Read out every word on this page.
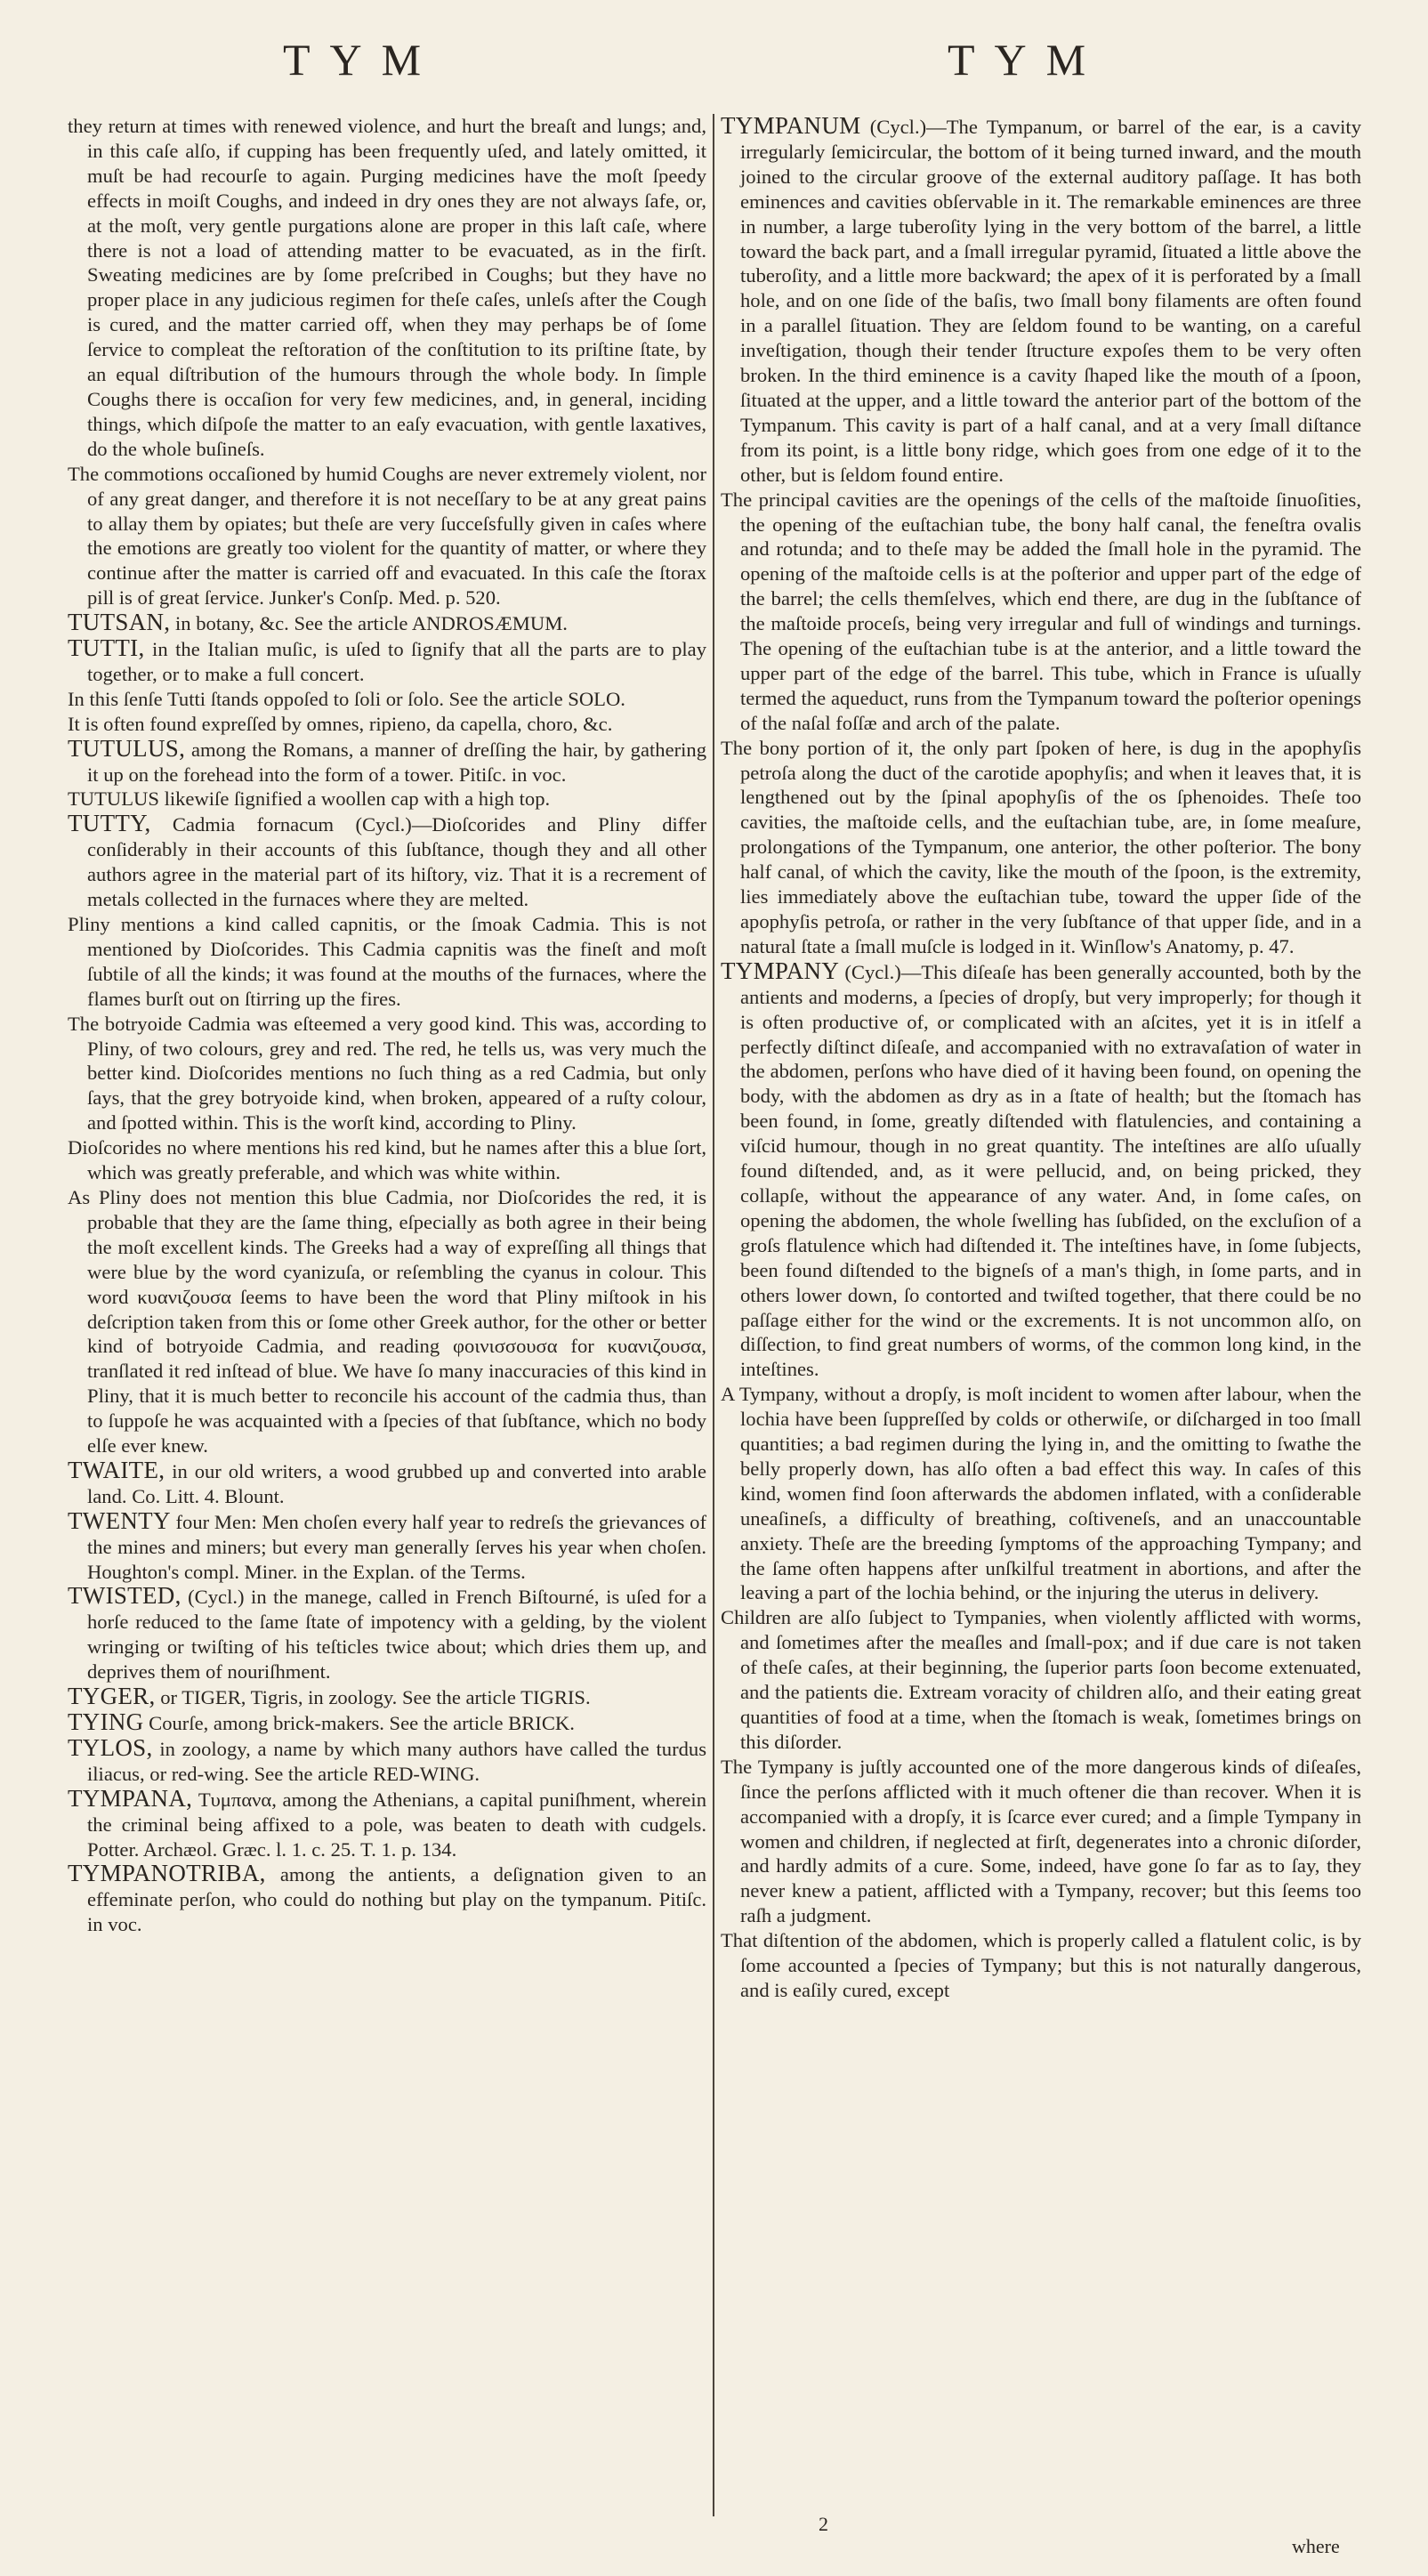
TYM	TYM

they return at times with renewed violence, and hurt the breaſt and lungs; and, in this caſe alſo, if cupping has been frequently uſed, and lately omitted, it muſt be had recourſe to again. Purging medicines have the moſt ſpeedy effects in moiſt Coughs, and indeed in dry ones they are not always ſafe, or, at the moſt, very gentle purgations alone are proper in this laſt caſe, where there is not a load of attending matter to be evacuated, as in the firſt. Sweating medicines are by ſome preſcribed in Coughs; but they have no proper place in any judicious regimen for theſe caſes, unleſs after the Cough is cured, and the matter carried off, when they may perhaps be of ſome ſervice to compleat the reſtoration of the conſtitution to its priſtine ſtate, by an equal diſtribution of the humours through the whole body. In ſimple Coughs there is occaſion for very few medicines, and, in general, inciding things, which diſpoſe the matter to an eaſy evacuation, with gentle laxatives, do the whole buſineſs.

The commotions occaſioned by humid Coughs are never extremely violent, nor of any great danger, and therefore it is not neceſſary to be at any great pains to allay them by opiates; but theſe are very ſucceſsfully given in caſes where the emotions are greatly too violent for the quantity of matter, or where they continue after the matter is carried off and evacuated. In this caſe the ſtorax pill is of great ſervice. Junker's Conſp. Med. p. 520.

TUTSAN, in botany, &c. See the article ANDROSÆMUM.

TUTTI, in the Italian muſic, is uſed to ſignify that all the parts are to play together, or to make a full concert.

In this ſenſe Tutti ſtands oppoſed to ſoli or ſolo. See the article SOLO.

It is often found expreſſed by omnes, ripieno, da capella, choro, &c.

TUTULUS, among the Romans, a manner of dreſſing the hair, by gathering it up on the forehead into the form of a tower. Pitiſc. in voc.

TUTULUS likewiſe ſignified a woollen cap with a high top.

TUTTY, Cadmia fornacum (Cycl.)—Dioſcorides and Pliny differ conſiderably in their accounts of this ſubſtance, though they and all other authors agree in the material part of its hiſtory, viz. That it is a recrement of metals collected in the furnaces where they are melted.

Pliny mentions a kind called capnitis, or the ſmoak Cadmia. This is not mentioned by Dioſcorides. This Cadmia capnitis was the fineſt and moſt ſubtile of all the kinds; it was found at the mouths of the furnaces, where the flames burſt out on ſtirring up the fires.

The botryoide Cadmia was eſteemed a very good kind. This was, according to Pliny, of two colours, grey and red. The red, he tells us, was very much the better kind. Dioſcorides mentions no ſuch thing as a red Cadmia, but only ſays, that the grey botryoide kind, when broken, appeared of a ruſty colour, and ſpotted within. This is the worſt kind, according to Pliny.

Dioſcorides no where mentions his red kind, but he names after this a blue ſort, which was greatly preferable, and which was white within.

As Pliny does not mention this blue Cadmia, nor Dioſcorides the red, it is probable that they are the ſame thing, eſpecially as both agree in their being the moſt excellent kinds. The Greeks had a way of expreſſing all things that were blue by the word cyanizuſa, or reſembling the cyanus in colour. This word κυανιζουσα ſeems to have been the word that Pliny miſtook in his deſcription taken from this or ſome other Greek author, for the other or better kind of botryoide Cadmia, and reading φοινισσουσα for κυανιζουσα, tranſlated it red inſtead of blue. We have ſo many inaccuracies of this kind in Pliny, that it is much better to reconcile his account of the cadmia thus, than to ſuppoſe he was acquainted with a ſpecies of that ſubſtance, which no body elſe ever knew.

TWAITE, in our old writers, a wood grubbed up and converted into arable land. Co. Litt. 4. Blount.

TWENTY four Men: Men choſen every half year to redreſs the grievances of the mines and miners; but every man generally ſerves his year when choſen. Houghton's compl. Miner. in the Explan. of the Terms.

TWISTED, (Cycl.) in the manege, called in French Biſtourné, is uſed for a horſe reduced to the ſame ſtate of impotency with a gelding, by the violent wringing or twiſting of his teſticles twice about; which dries them up, and deprives them of nouriſhment.

TYGER, or TIGER, Tigris, in zoology. See the article TIGRIS.

TYING Courſe, among brick-makers. See the article BRICK.

TYLOS, in zoology, a name by which many authors have called the turdus iliacus, or red-wing. See the article RED-WING.

TYMPANA, Τυμπανα, among the Athenians, a capital puniſhment, wherein the criminal being affixed to a pole, was beaten to death with cudgels. Potter. Archæol. Græc. l. 1. c. 25. T. 1. p. 134.

TYMPANOTRIBA, among the antients, a deſignation given to an effeminate perſon, who could do nothing but play on the tympanum. Pitiſc. in voc.

TYMPANUM (Cycl.)—The Tympanum, or barrel of the ear, is a cavity irregularly ſemicircular, the bottom of it being turned inward, and the mouth joined to the circular groove of the external auditory paſſage. It has both eminences and cavities obſervable in it. The remarkable eminences are three in number, a large tuberoſity lying in the very bottom of the barrel, a little toward the back part, and a ſmall irregular pyramid, ſituated a little above the tuberoſity, and a little more backward; the apex of it is perforated by a ſmall hole, and on one ſide of the baſis, two ſmall bony filaments are often found in a parallel ſituation. They are ſeldom found to be wanting, on a careful inveſtigation, though their tender ſtructure expoſes them to be very often broken. In the third eminence is a cavity ſhaped like the mouth of a ſpoon, ſituated at the upper, and a little toward the anterior part of the bottom of the Tympanum. This cavity is part of a half canal, and at a very ſmall diſtance from its point, is a little bony ridge, which goes from one edge of it to the other, but is ſeldom found entire.

The principal cavities are the openings of the cells of the maſtoide ſinuoſities, the opening of the euſtachian tube, the bony half canal, the feneſtra ovalis and rotunda; and to theſe may be added the ſmall hole in the pyramid. The opening of the maſtoide cells is at the poſterior and upper part of the edge of the barrel; the cells themſelves, which end there, are dug in the ſubſtance of the maſtoide proceſs, being very irregular and full of windings and turnings. The opening of the euſtachian tube is at the anterior, and a little toward the upper part of the edge of the barrel. This tube, which in France is uſually termed the aqueduct, runs from the Tympanum toward the poſterior openings of the naſal foſſæ and arch of the palate.

The bony portion of it, the only part ſpoken of here, is dug in the apophyſis petroſa along the duct of the carotide apophyſis; and when it leaves that, it is lengthened out by the ſpinal apophyſis of the os ſphenoides. Theſe too cavities, the maſtoide cells, and the euſtachian tube, are, in ſome meaſure, prolongations of the Tympanum, one anterior, the other poſterior. The bony half canal, of which the cavity, like the mouth of the ſpoon, is the extremity, lies immediately above the euſtachian tube, toward the upper ſide of the apophyſis petroſa, or rather in the very ſubſtance of that upper ſide, and in a natural ſtate a ſmall muſcle is lodged in it. Winſlow's Anatomy, p. 47.

TYMPANY (Cycl.)—This diſeaſe has been generally accounted, both by the antients and moderns, a ſpecies of dropſy, but very improperly; for though it is often productive of, or complicated with an aſcites, yet it is in itſelf a perfectly diſtinct diſeaſe, and accompanied with no extravaſation of water in the abdomen, perſons who have died of it having been found, on opening the body, with the abdomen as dry as in a ſtate of health; but the ſtomach has been found, in ſome, greatly diſtended with flatulencies, and containing a viſcid humour, though in no great quantity. The inteſtines are alſo uſually found diſtended, and, as it were pellucid, and, on being pricked, they collapſe, without the appearance of any water. And, in ſome caſes, on opening the abdomen, the whole ſwelling has ſubſided, on the excluſion of a groſs flatulence which had diſtended it. The inteſtines have, in ſome ſubjects, been found diſtended to the bigneſs of a man's thigh, in ſome parts, and in others lower down, ſo contorted and twiſted together, that there could be no paſſage either for the wind or the excrements. It is not uncommon alſo, on diſſection, to find great numbers of worms, of the common long kind, in the inteſtines.

A Tympany, without a dropſy, is moſt incident to women after labour, when the lochia have been ſuppreſſed by colds or otherwiſe, or diſcharged in too ſmall quantities; a bad regimen during the lying in, and the omitting to ſwathe the belly properly down, has alſo often a bad effect this way. In caſes of this kind, women find ſoon afterwards the abdomen inflated, with a conſiderable uneaſineſs, a difficulty of breathing, coſtiveneſs, and an unaccountable anxiety. Theſe are the breeding ſymptoms of the approaching Tympany; and the ſame often happens after unſkilful treatment in abortions, and after the leaving a part of the lochia behind, or the injuring the uterus in delivery.

Children are alſo ſubject to Tympanies, when violently afflicted with worms, and ſometimes after the meaſles and ſmall-pox; and if due care is not taken of theſe caſes, at their beginning, the ſuperior parts ſoon become extenuated, and the patients die. Extream voracity of children alſo, and their eating great quantities of food at a time, when the ſtomach is weak, ſometimes brings on this diſorder.

The Tympany is juſtly accounted one of the more dangerous kinds of diſeaſes, ſince the perſons afflicted with it much oftener die than recover. When it is accompanied with a dropſy, it is ſcarce ever cured; and a ſimple Tympany in women and children, if neglected at firſt, degenerates into a chronic diſorder, and hardly admits of a cure. Some, indeed, have gone ſo far as to ſay, they never knew a patient, afflicted with a Tympany, recover; but this ſeems too raſh a judgment.

That diſtention of the abdomen, which is properly called a flatulent colic, is by ſome accounted a ſpecies of Tympany; but this is not naturally dangerous, and is eaſily cured, except

2
where
